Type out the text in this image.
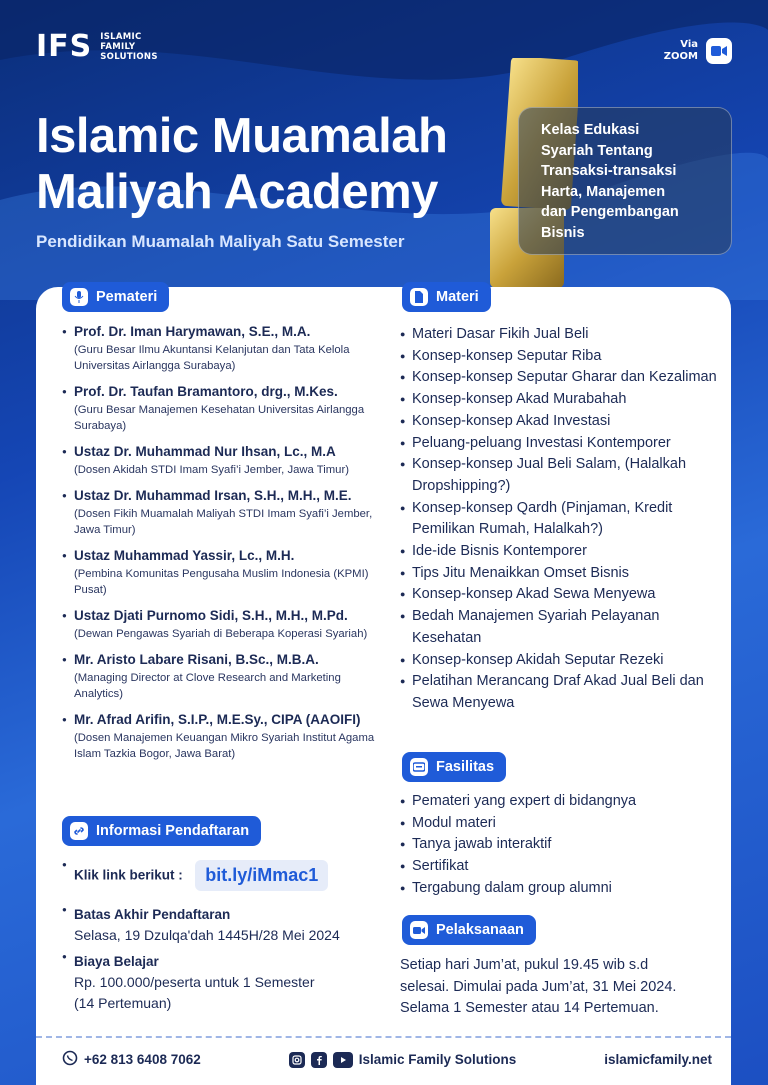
IFS ISLAMIC
FAMILY
SOLUTIONS
Via
ZOOM
Islamic Muamalah
Maliyah Academy
Pendidikan Muamalah Maliyah Satu Semester
Kelas Edukasi
Syariah Tentang
Transaksi-transaksi
Harta, Manajemen
dan Pengembangan
Bisnis
Pemateri
● Prof. Dr. Iman Harymawan, S.E., M.A.
(Guru Besar Ilmu Akuntansi Kelanjutan dan Tata Kelola Universitas Airlangga Surabaya)
● Prof. Dr. Taufan Bramantoro, drg., M.Kes.
(Guru Besar Manajemen Kesehatan Universitas Airlangga Surabaya)
● Ustaz Dr. Muhammad Nur Ihsan, Lc., M.A
(Dosen Akidah STDI Imam Syafi’i Jember, Jawa Timur)
● Ustaz Dr. Muhammad Irsan, S.H., M.H., M.E.
(Dosen Fikih Muamalah Maliyah STDI Imam Syafi’i Jember, Jawa Timur)
● Ustaz Muhammad Yassir, Lc., M.H.
(Pembina Komunitas Pengusaha Muslim Indonesia (KPMI) Pusat)
● Ustaz Djati Purnomo Sidi, S.H., M.H., M.Pd.
(Dewan Pengawas Syariah di Beberapa Koperasi Syariah)
● Mr. Aristo Labare Risani, B.Sc., M.B.A.
(Managing Director at Clove Research and Marketing Analytics)
● Mr. Afrad Arifin, S.I.P., M.E.Sy., CIPA (AAOIFI)
(Dosen Manajemen Keuangan Mikro Syariah Institut Agama Islam Tazkia Bogor, Jawa Barat)
Materi
● Materi Dasar Fikih Jual Beli
● Konsep-konsep Seputar Riba
● Konsep-konsep Seputar Gharar dan Kezaliman
● Konsep-konsep Akad Murabahah
● Konsep-konsep Akad Investasi
● Peluang-peluang Investasi Kontemporer
● Konsep-konsep Jual Beli Salam, (Halalkah Dropshipping?)
● Konsep-konsep Qardh (Pinjaman, Kredit Pemilikan Rumah, Halalkah?)
● Ide-ide Bisnis Kontemporer
● Tips Jitu Menaikkan Omset Bisnis
● Konsep-konsep Akad Sewa Menyewa
● Bedah Manajemen Syariah Pelayanan Kesehatan
● Konsep-konsep Akidah Seputar Rezeki
● Pelatihan Merancang Draf Akad Jual Beli dan Sewa Menyewa
Fasilitas
● Pemateri yang expert di bidangnya
● Modul materi
● Tanya jawab interaktif
● Sertifikat
● Tergabung dalam group alumni
Pelaksanaan
Setiap hari Jum’at, pukul 19.45 wib s.d
selesai. Dimulai pada Jum’at, 31 Mei 2024.
Selama 1 Semester atau 14 Pertemuan.
Informasi Pendaftaran
● Klik link berikut : bit.ly/iMmac1
● Batas Akhir Pendaftaran
Selasa, 19 Dzulqa'dah 1445H/28 Mei 2024
● Biaya Belajar
Rp. 100.000/peserta untuk 1 Semester
(14 Pertemuan)
+62 813 6408 7062	Islamic Family Solutions	islamicfamily.net
